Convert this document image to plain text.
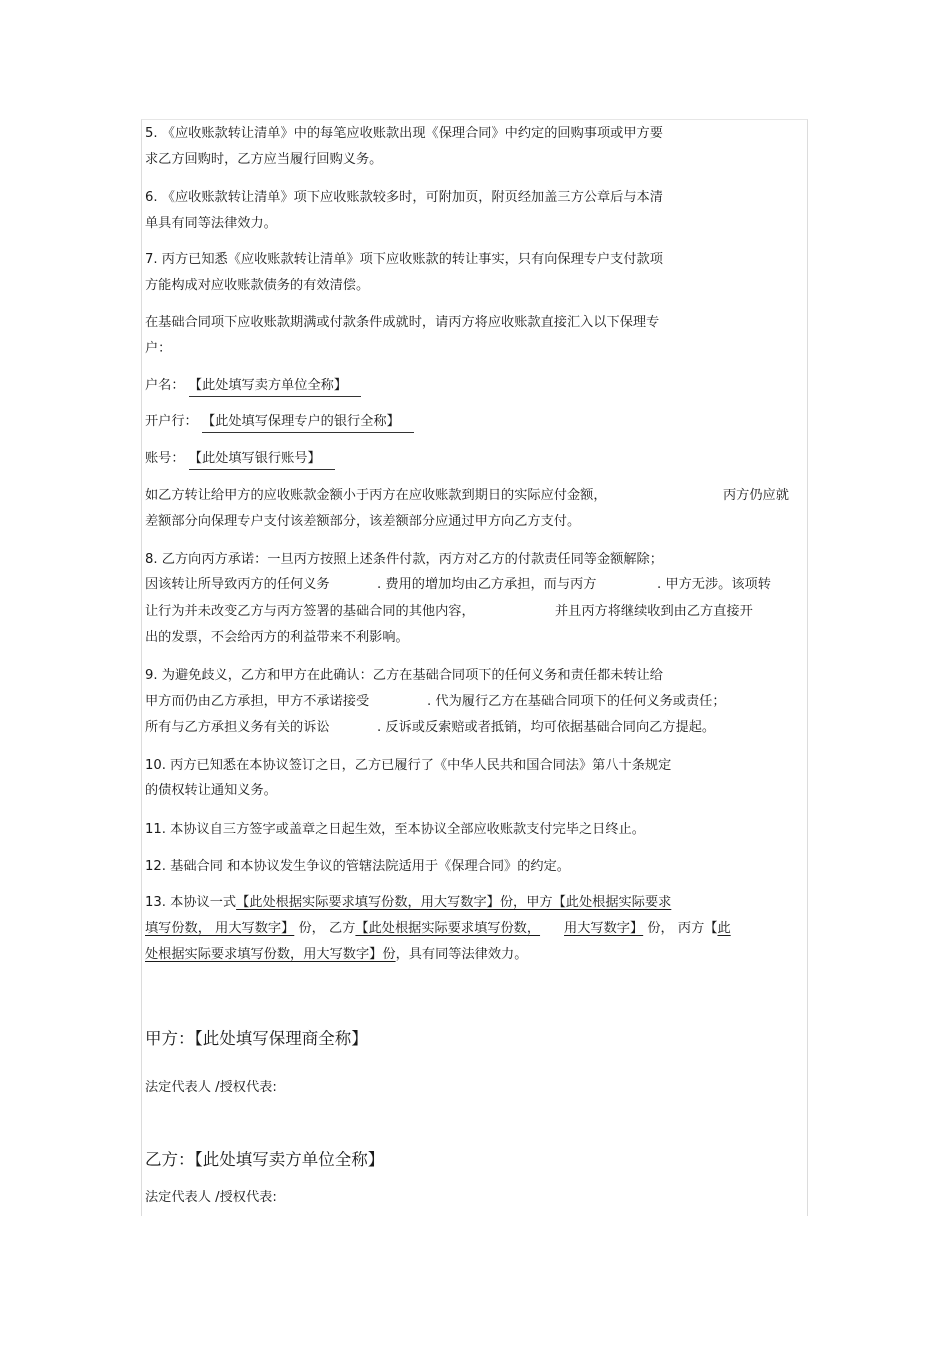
5. 《应收账款转让清单》中的每笔应收账款出现《保理合同》中约定的回购事项或甲方要
求乙方回购时，乙方应当履行回购义务。
6. 《应收账款转让清单》项下应收账款较多时，可附加页，附页经加盖三方公章后与本清
单具有同等法律效力。
7. 丙方已知悉《应收账款转让清单》项下应收账款的转让事实，只有向保理专户支付款项
方能构成对应收账款债务的有效清偿。
在基础合同项下应收账款期满或付款条件成就时，请丙方将应收账款直接汇入以下保理专
户：
户名： 【此处填写卖方单位全称】
开户行： 【此处填写保理专户的银行全称】
账号： 【此处填写银行账号】
如乙方转让给甲方的应收账款金额小于丙方在应收账款到期日的实际应付金额，	丙方仍应就
差额部分向保理专户支付该差额部分，该差额部分应通过甲方向乙方支付。
8. 乙方向丙方承诺：一旦丙方按照上述条件付款，丙方对乙方的付款责任同等金额解除；
因该转让所导致丙方的任何义务	. 费用的增加均由乙方承担，而与丙方	. 甲方无涉。该项转
让行为并未改变乙方与丙方签署的基础合同的其他内容，	并且丙方将继续收到由乙方直接开
出的发票，不会给丙方的利益带来不利影响。
9. 为避免歧义，乙方和甲方在此确认：乙方在基础合同项下的任何义务和责任都未转让给
甲方而仍由乙方承担，甲方不承诺接受	. 代为履行乙方在基础合同项下的任何义务或责任；
所有与乙方承担义务有关的诉讼	. 反诉或反索赔或者抵销，均可依据基础合同向乙方提起。
10. 丙方已知悉在本协议签订之日，乙方已履行了《中华人民共和国合同法》第八十条规定
的债权转让通知义务。
11. 本协议自三方签字或盖章之日起生效，至本协议全部应收账款支付完毕之日终止。
12. 基础合同 和本协议发生争议的管辖法院适用于《保理合同》的约定。
13. 本协议一式【此处根据实际要求填写份数，用大写数字】份，甲方【此处根据实际要求
填写份数， 用大写数字】 份， 乙方【此处根据实际要求填写份数， 用大写数字】 份， 丙方【此
处根据实际要求填写份数，用大写数字】份，具有同等法律效力。
甲方：【此处填写保理商全称】
法定代表人 /授权代表:
乙方：【此处填写卖方单位全称】
法定代表人 /授权代表:
